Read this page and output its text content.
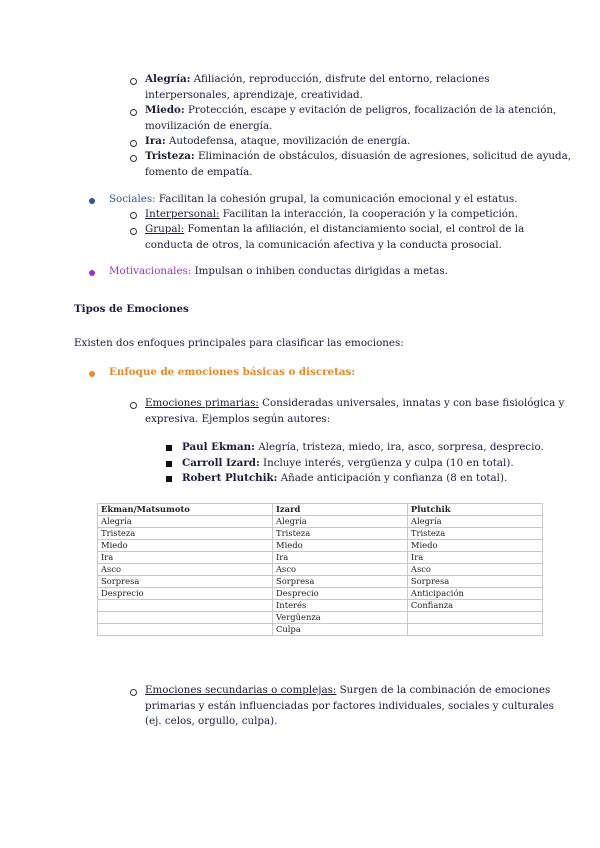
Alegría: Afiliación, reproducción, disfrute del entorno, relaciones
interpersonales, aprendizaje, creatividad.
Miedo: Protección, escape y evitación de peligros, focalización de la atención,
movilización de energía.
Ira: Autodefensa, ataque, movilización de energía.
Tristeza: Eliminación de obstáculos, disuasión de agresiones, solicitud de ayuda,
fomento de empatía.
Sociales: Facilitan la cohesión grupal, la comunicación emocional y el estatus.
Interpersonal: Facilitan la interacción, la cooperación y la competición.
Grupal: Fomentan la afiliación, el distanciamiento social, el control de la
conducta de otros, la comunicación afectiva y la conducta prosocial.
Motivacionales: Impulsan o inhiben conductas dirigidas a metas.
Tipos de Emociones
Existen dos enfoques principales para clasificar las emociones:
Enfoque de emociones básicas o discretas:
Emociones primarias: Consideradas universales, innatas y con base fisiológica y
expresiva. Ejemplos según autores:
Paul Ekman: Alegría, tristeza, miedo, ira, asco, sorpresa, desprecio.
Carroll Izard: Incluye interés, vergüenza y culpa (10 en total).
Robert Plutchik: Añade anticipación y confianza (8 en total).
Ekman/Matsumoto	Izard	Plutchik
Alegría	Alegría	Alegría
Tristeza	Tristeza	Tristeza
Miedo	Miedo	Miedo
Ira	Ira	Ira
Asco	Asco	Asco
Sorpresa	Sorpresa	Sorpresa
Desprecio	Desprecio	Anticipación
	Interés	Confianza
	Vergüenza	
	Culpa	
Emociones secundarias o complejas: Surgen de la combinación de emociones
primarias y están influenciadas por factores individuales, sociales y culturales
(ej. celos, orgullo, culpa).
